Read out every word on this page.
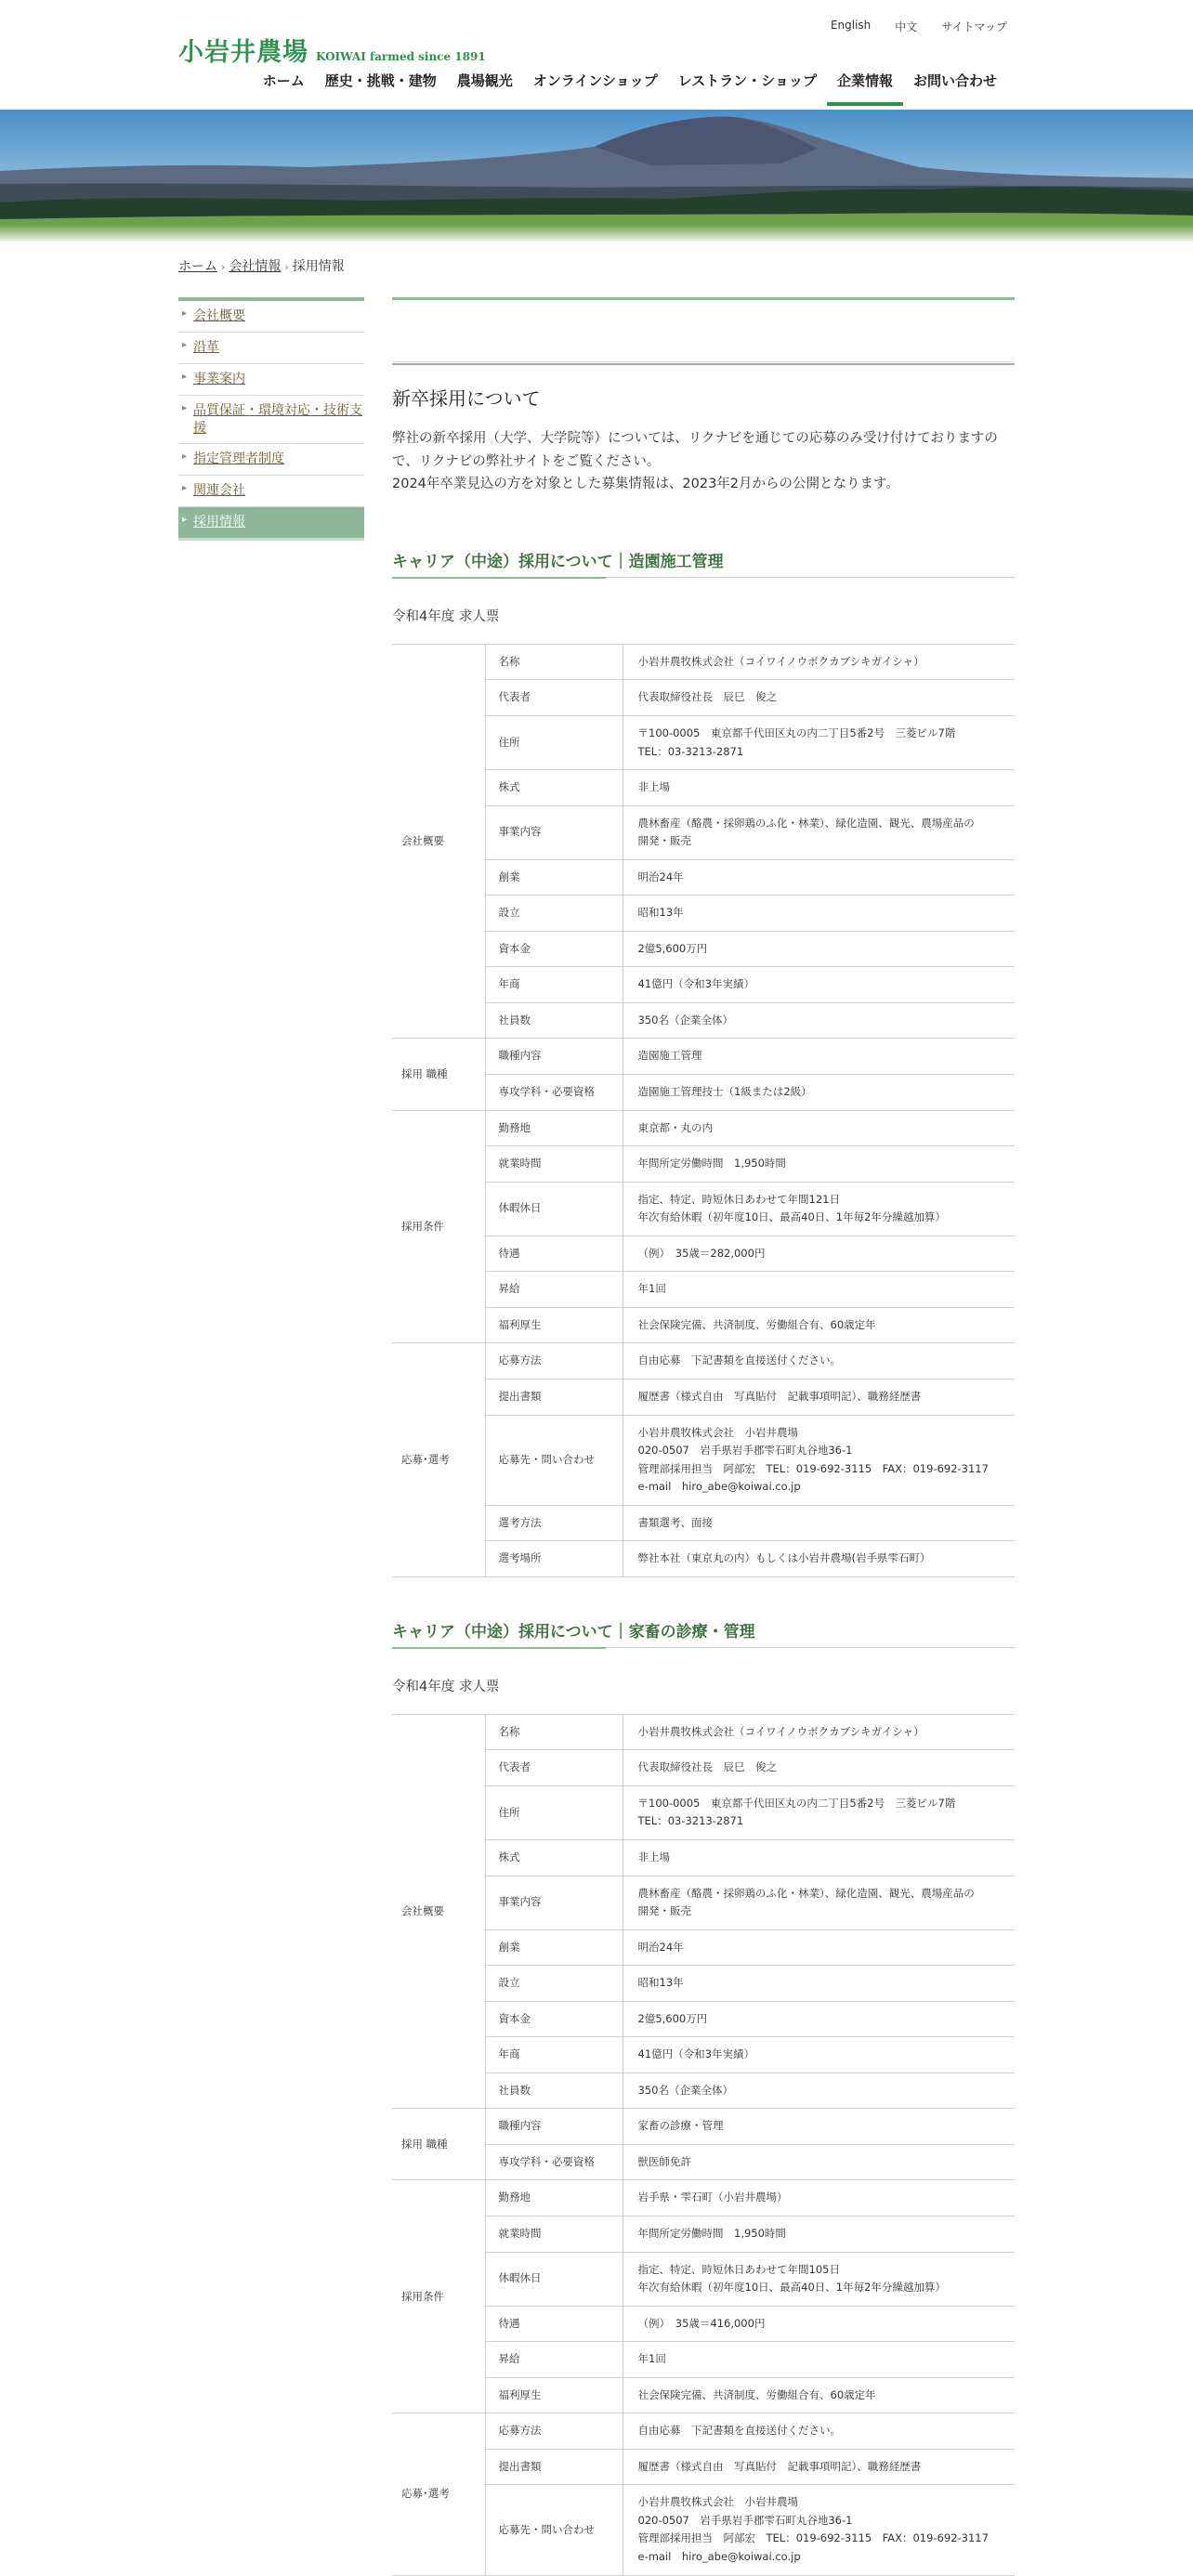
小岩井農場 KOIWAI farmed since 1891
English 中文 サイトマップ
ホーム	歴史・挑戦・建物	農場観光	オンラインショップ	レストラン・ショップ	企業情報	お問い合わせ
ホーム › 会社情報 › 採用情報
▸ 会社概要
▸ 沿革
▸ 事業案内
▸ 品質保証・環境対応・技術支援
▸ 指定管理者制度
▸ 関連会社
▸ 採用情報
新卒採用について

弊社の新卒採用（大学、大学院等）については、リクナビを通じての応募のみ受け付けておりますので、リクナビの弊社サイトをご覧ください。

2024年卒業見込の方を対象とした募集情報は、2023年2月からの公開となります。

キャリア（中途）採用について｜造園施工管理

令和4年度 求人票

会社概要	名称	小岩井農牧株式会社（コイワイノウボクカブシキガイシャ）
	代表者	代表取締役社長　辰巳　俊之
	住所	〒100-0005　東京都千代田区丸の内二丁目5番2号　三菱ビル7階
TEL：03-3213-2871
	株式	非上場
	事業内容	農林畜産（酪農・採卵鶏のふ化・林業）、緑化造園、観光、農場産品の
開発・販売
	創業	明治24年
	設立	昭和13年
	資本金	2億5,600万円
	年商	41億円（令和3年実績）
	社員数	350名（企業全体）
採用 職種	職種内容	造園施工管理
	専攻学科・必要資格	造園施工管理技士（1級または2級）
採用条件	勤務地	東京都・丸の内
	就業時間	年間所定労働時間　1,950時間
	休暇休日	指定、特定、時短休日あわせて年間121日
年次有給休暇（初年度10日、最高40日、1年毎2年分繰越加算）
	待遇	（例）　35歳＝282,000円
	昇給	年1回
	福利厚生	社会保険完備、共済制度、労働組合有、60歳定年
応募･選考	応募方法	自由応募　下記書類を直接送付ください。
	提出書類	履歴書（様式自由　写真貼付　記載事項明記）、職務経歴書
	応募先・問い合わせ	小岩井農牧株式会社　小岩井農場
020-0507　岩手県岩手郡雫石町丸谷地36-1
管理部採用担当　阿部宏　TEL：019-692-3115　FAX：019-692-3117
e-mail　hiro_abe@koiwai.co.jp
	選考方法	書類選考、面接
	選考場所	弊社本社（東京丸の内）もしくは小岩井農場(岩手県雫石町）
キャリア（中途）採用について｜家畜の診療・管理

令和4年度 求人票

会社概要	名称	小岩井農牧株式会社（コイワイノウボクカブシキガイシャ）
	代表者	代表取締役社長　辰巳　俊之
	住所	〒100-0005　東京都千代田区丸の内二丁目5番2号　三菱ビル7階
TEL：03-3213-2871
	株式	非上場
	事業内容	農林畜産（酪農・採卵鶏のふ化・林業）、緑化造園、観光、農場産品の
開発・販売
	創業	明治24年
	設立	昭和13年
	資本金	2億5,600万円
	年商	41億円（令和3年実績）
	社員数	350名（企業全体）
採用 職種	職種内容	家畜の診療・管理
	専攻学科・必要資格	獣医師免許
採用条件	勤務地	岩手県・雫石町（小岩井農場）
	就業時間	年間所定労働時間　1,950時間
	休暇休日	指定、特定、時短休日あわせて年間105日
年次有給休暇（初年度10日、最高40日、1年毎2年分繰越加算）
	待遇	（例）　35歳＝416,000円
	昇給	年1回
	福利厚生	社会保険完備、共済制度、労働組合有、60歳定年
応募･選考	応募方法	自由応募　下記書類を直接送付ください。
	提出書類	履歴書（様式自由　写真貼付　記載事項明記）、職務経歴書
	応募先・問い合わせ	小岩井農牧株式会社　小岩井農場
020-0507　岩手県岩手郡雫石町丸谷地36-1
管理部採用担当　阿部宏　TEL：019-692-3115　FAX：019-692-3117
e-mail　hiro_abe@koiwai.co.jp
